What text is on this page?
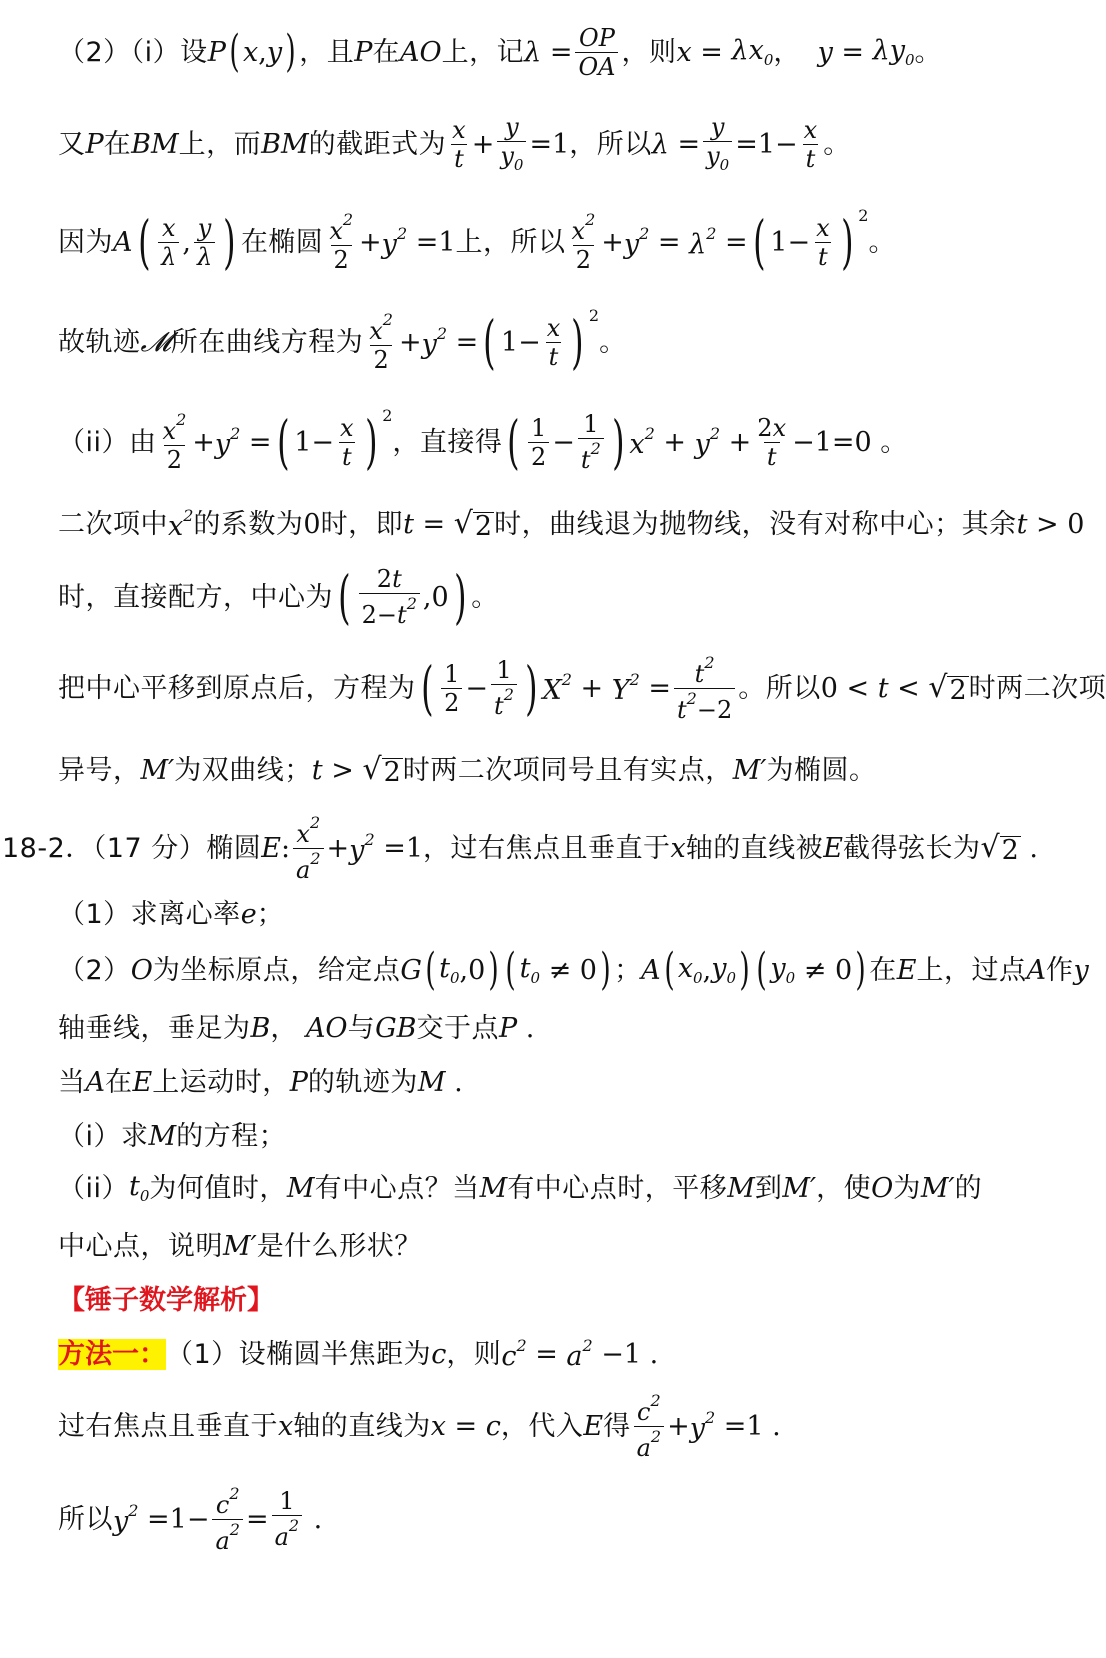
（2）（i）设 P ( x , y ) ，且 P 在 AO 上，记 $\lambda = \frac{OP}{OA}$ ，则 $x = \lambda x_0$ ， $y = \lambda y_0$ 。
又 P 在 BM 上，而 BM 的截距式为 $\frac{x}{t} + \frac{y}{y_0} =1$ ，所以 $\lambda = \frac{y}{y_0} =1- \frac{x}{t}$ 。
因为 A ( $\frac{x}{\lambda}$ , $\frac{y}{\lambda}$ ) 在椭圆 $\frac{x^2}{2} + y^2 =1$ 上，所以 $\frac{x^2}{2} + y^2 = \lambda^2$ = ( $1- \frac{x}{t}$ ) 2
。
故轨迹 𝓜 所在曲线方程为 $\frac{x^2}{2} + y^2$ = ( $1- \frac{x}{t}$ ) 2
。
（ii）由 $\frac{x^2}{2} + y^2$ = ( $1- \frac{x}{t}$ ) 2
，直接得 ( $\frac{1}{2} - \frac{1}{t^2}$ ) $x^2 + y^2 + \frac{2x}{t} -1=0$ 。
二次项中 $x^2$ 的系数为 0 时，即 t = √ 2 时，曲线退为抛物线，没有对称中心；其余 t > 0
时，直接配方，中心为 ( $\frac{2t}{2-t^2} ,0$ ) 。
把中心平移到原点后，方程为 ( $\frac{1}{2} - \frac{1}{t^2}$ ) $X^2 + Y^2 = \frac{t^2}{t^2-2}$ 。所以 0 < t < √ 2 时两二次项
异号， M′ 为双曲线； t > √ 2 时两二次项同号且有实点， M′ 为椭圆。
18-2．（17 分）椭圆 E : $\frac{x^2}{a^2} + y^2 =1$ ，过右焦点且垂直于 x 轴的直线被 E 截得弦长为 √ 2 .
（1）求离心率 e ；
（2） O 为坐标原点，给定点 G ( $t_0$ ,0 ) ( $t_0 \ne 0$ ) ； A ( $x_0$ , $y_0$ ) ( $y_0 \ne 0$ ) 在 E 上，过点 A 作 y
轴垂线，垂足为 B ， AO 与 GB 交于点 P .
当 A 在 E 上运动时， P 的轨迹为 M .
（i）求 M 的方程；
（ii） $t_0$ 为何值时， M 有中心点？当 M 有中心点时，平移 M 到 M′ ，使 O 为 M′ 的
中心点，说明 M′ 是什么形状？
【锤子数学解析】
方法一： （1）设椭圆半焦距为 c ，则 $c^2 = a^2 -1$ .
过右焦点且垂直于 x 轴的直线为 x = c ，代入 E 得 $\frac{c^2}{a^2} + y^2 =1$ .
所以 $y^2 =1- \frac{c^2}{a^2} = \frac{1}{a^2}$ .
